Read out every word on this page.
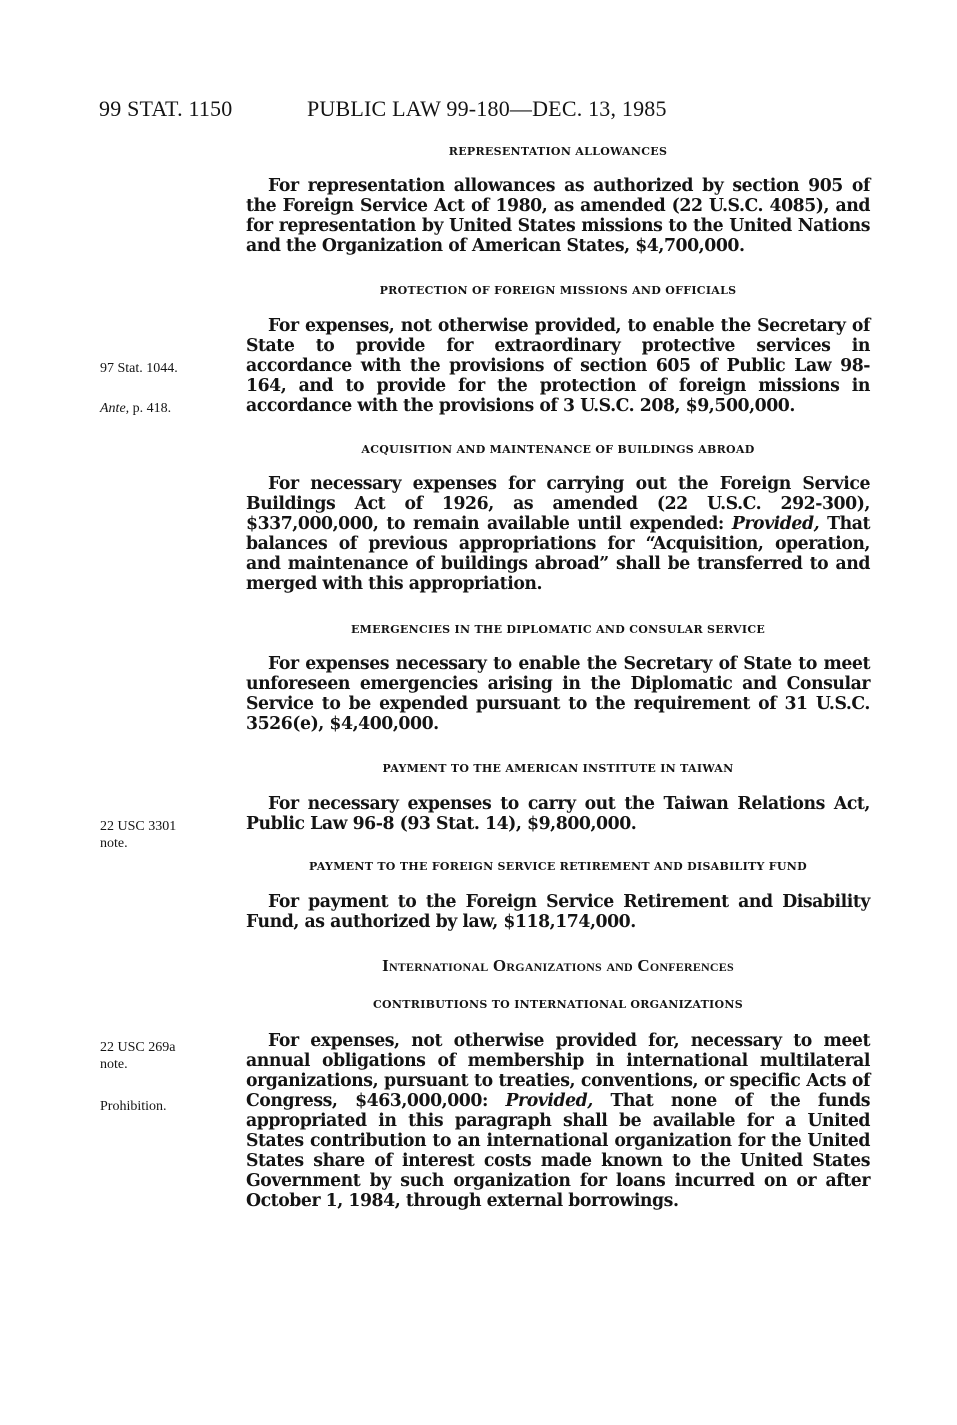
99 STAT. 1150	PUBLIC LAW 99-180—DEC. 13, 1985
REPRESENTATION ALLOWANCES

For representation allowances as authorized by section 905 of the Foreign Service Act of 1980, as amended (22 U.S.C. 4085), and for representation by United States missions to the United Nations and the Organization of American States, $4,700,000.

PROTECTION OF FOREIGN MISSIONS AND OFFICIALS

For expenses, not otherwise provided, to enable the Secretary of State to provide for extraordinary protective services in accordance with the provisions of section 605 of Public Law 98-164, and to provide for the protection of foreign missions in accordance with the provisions of 3 U.S.C. 208, $9,500,000.

ACQUISITION AND MAINTENANCE OF BUILDINGS ABROAD

For necessary expenses for carrying out the Foreign Service Buildings Act of 1926, as amended (22 U.S.C. 292-300), $337,000,000, to remain available until expended: Provided, That balances of previous appropriations for “Acquisition, operation, and maintenance of buildings abroad” shall be transferred to and merged with this appropriation.

EMERGENCIES IN THE DIPLOMATIC AND CONSULAR SERVICE

For expenses necessary to enable the Secretary of State to meet unforeseen emergencies arising in the Diplomatic and Consular Service to be expended pursuant to the requirement of 31 U.S.C. 3526(e), $4,400,000.

PAYMENT TO THE AMERICAN INSTITUTE IN TAIWAN

For necessary expenses to carry out the Taiwan Relations Act, Public Law 96-8 (93 Stat. 14), $9,800,000.

PAYMENT TO THE FOREIGN SERVICE RETIREMENT AND DISABILITY FUND

For payment to the Foreign Service Retirement and Disability Fund, as authorized by law, $118,174,000.

International Organizations and Conferences
CONTRIBUTIONS TO INTERNATIONAL ORGANIZATIONS

For expenses, not otherwise provided for, necessary to meet annual obligations of membership in international multilateral organizations, pursuant to treaties, conventions, or specific Acts of Congress, $463,000,000: Provided, That none of the funds appropriated in this paragraph shall be available for a United States contribution to an international organization for the United States share of interest costs made known to the United States Government by such organization for loans incurred on or after October 1, 1984, through external borrowings.

97 Stat. 1044.
Ante, p. 418.
22 USC 3301
note.
22 USC 269a
note.
Prohibition.
